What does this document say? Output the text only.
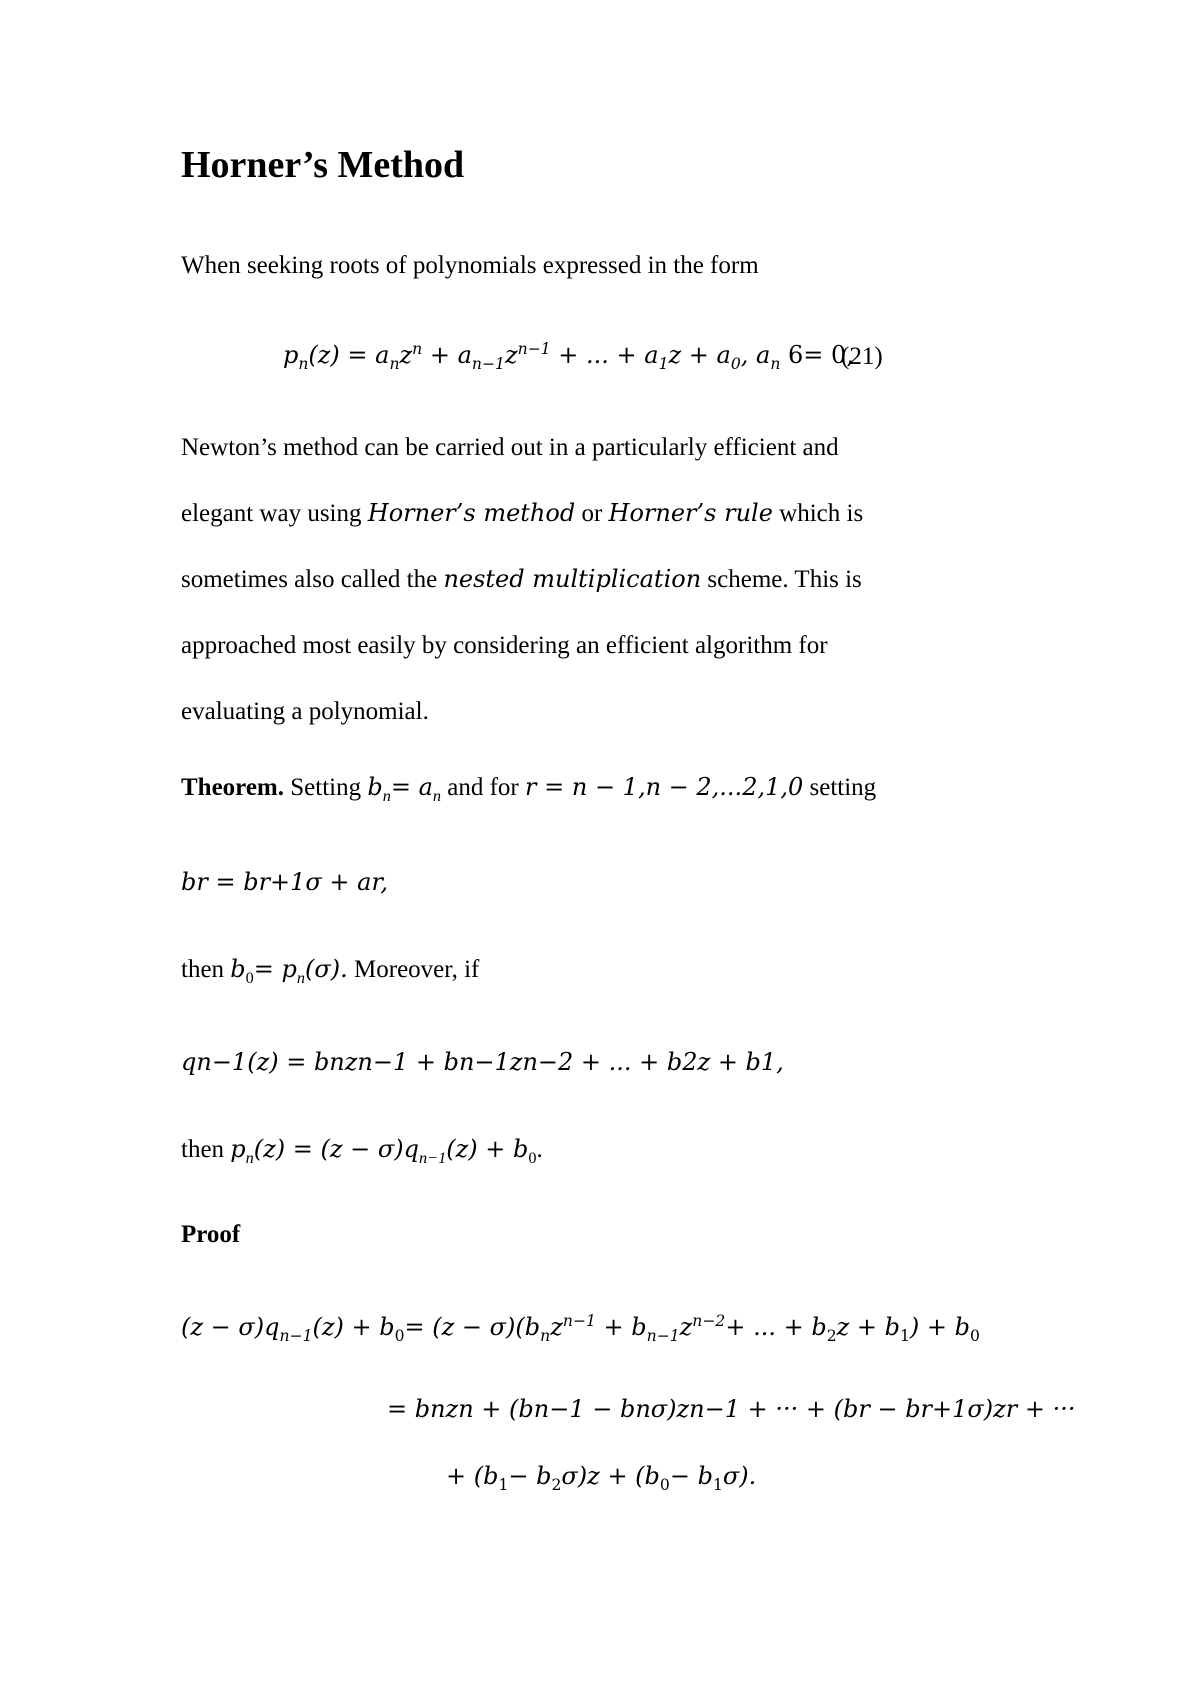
Horner’s Method
When seeking roots of polynomials expressed in the form
$p_n(z) = a_nz^n + a_{n-1}z^{n-1}$ + ... + $a_1z + a_0$, $a_n$ 6= 0,
(21)
Newton’s method can be carried out in a particularly efficient and
elegant way using Horner’s method or Horner’s rule which is
sometimes also called the nested multiplication scheme. This is
approached most easily by considering an efficient algorithm for
evaluating a polynomial.
Theorem. Setting $b_n= a_n$ and for r = n − 1,n − 2,...2,1,0 setting
br = br+1σ + ar,
then $b_0= p_n(\sigma)$. Moreover, if
qn−1(z) = bnzn−1 + bn−1zn−2 + ... + b2z + b1,
then $p_n(z) = (z - \sigma)q_{n-1}(z) + b_0$.
Proof
$(z - \sigma)q_{n-1}(z) + b_0= (z - \sigma)(b_nz^{n-1} + b_{n-1}z^{n-2}+$ ... + $b_2z + b_1) + b_0$
= bnzn + (bn−1 − bnσ)zn−1 + ··· + (br − br+1σ)zr + ···
+ $(b_1- b_2\sigma)z + (b_0- b_1\sigma)$.
